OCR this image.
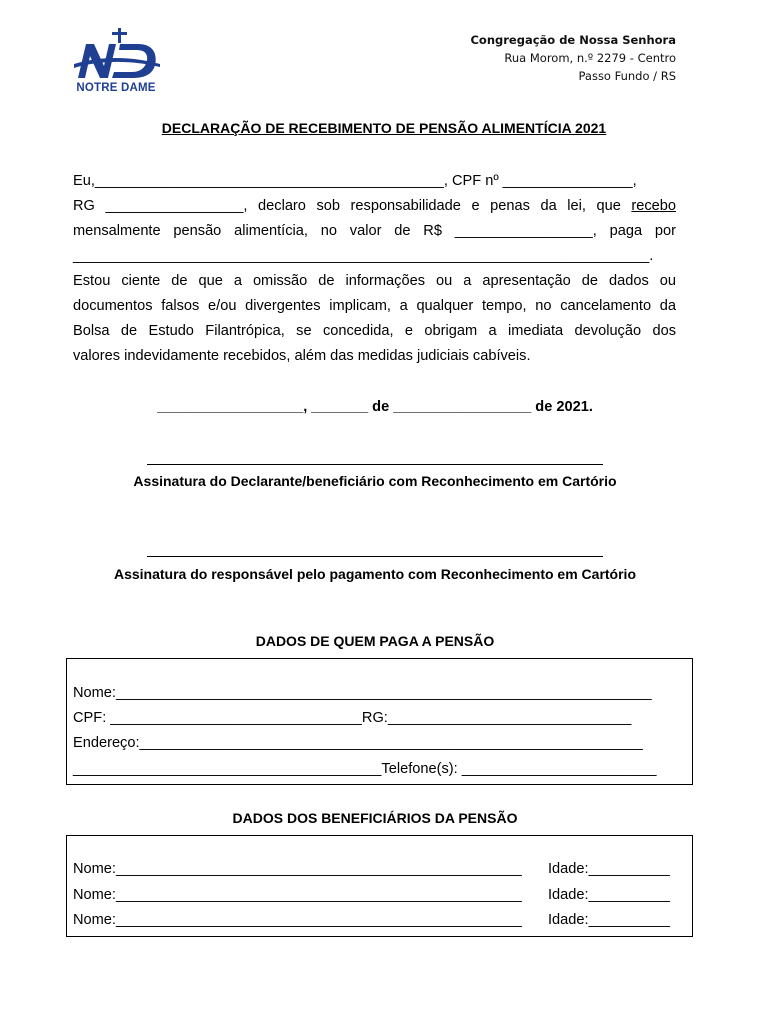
NOTRE DAME
Congregação de Nossa Senhora
Rua Morom, n.º 2279 - Centro
Passo Fundo / RS
DECLARAÇÃO DE RECEBIMENTO DE PENSÃO ALIMENTÍCIA 2021
Eu,___________________________________________, CPF nº ________________,
RG _________________, declaro sob responsabilidade e penas da lei, que recebo
mensalmente pensão alimentícia, no valor de R$ _________________, paga por
_______________________________________________________________________.
Estou ciente de que a omissão de informações ou a apresentação de dados ou
documentos falsos e/ou divergentes implicam, a qualquer tempo, no cancelamento da
Bolsa de Estudo Filantrópica, se concedida, e obrigam a imediata devolução dos
valores indevidamente recebidos, além das medidas judiciais cabíveis.
__________________, _______ de _________________ de 2021.
Assinatura do Declarante/beneficiário com Reconhecimento em Cartório
Assinatura do responsável pelo pagamento com Reconhecimento em Cartório
DADOS DE QUEM PAGA A PENSÃO
Nome:__________________________________________________________________
CPF: _______________________________RG:______________________________
Endereço:______________________________________________________________
______________________________________Telefone(s): ________________________
DADOS DOS BENEFICIÁRIOS DA PENSÃO
Nome:__________________________________________________	Idade:__________
Nome:__________________________________________________	Idade:__________
Nome:__________________________________________________	Idade:__________
